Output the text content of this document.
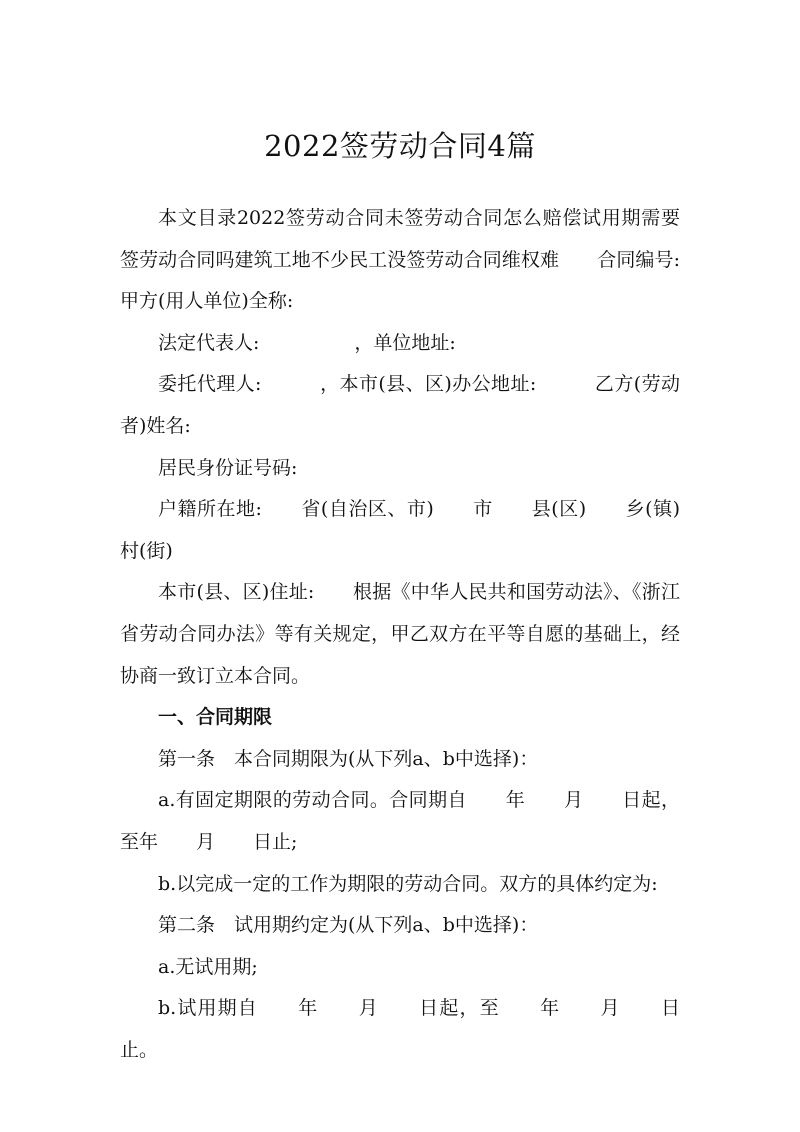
2022签劳动合同4篇

本文目录2022签劳动合同未签劳动合同怎么赔偿试用期需要签劳动合同吗建筑工地不少民工没签劳动合同维权难　　合同编号:　　　甲方(用人单位)全称:

法定代表人:　　　　　，单位地址:

委托代理人:　　　，本市(县、区)办公地址:　　　乙方(劳动者)姓名:

居民身份证号码:

户籍所在地:　　省(自治区、市)　　市　　县(区)　　乡(镇)村(街)

本市(县、区)住址:　　根据《中华人民共和国劳动法》、《浙江省劳动合同办法》等有关规定，甲乙双方在平等自愿的基础上，经协商一致订立本合同。

一、合同期限

第一条　本合同期限为(从下列a、b中选择)：

a.有固定期限的劳动合同。合同期自　　年　　月　　日起，至年　　月　　日止;

b.以完成一定的工作为期限的劳动合同。双方的具体约定为:

第二条　试用期约定为(从下列a、b中选择)：

a.无试用期;

b.试用期自　　年　　月　　日起，至　　年　　月　　日止。
